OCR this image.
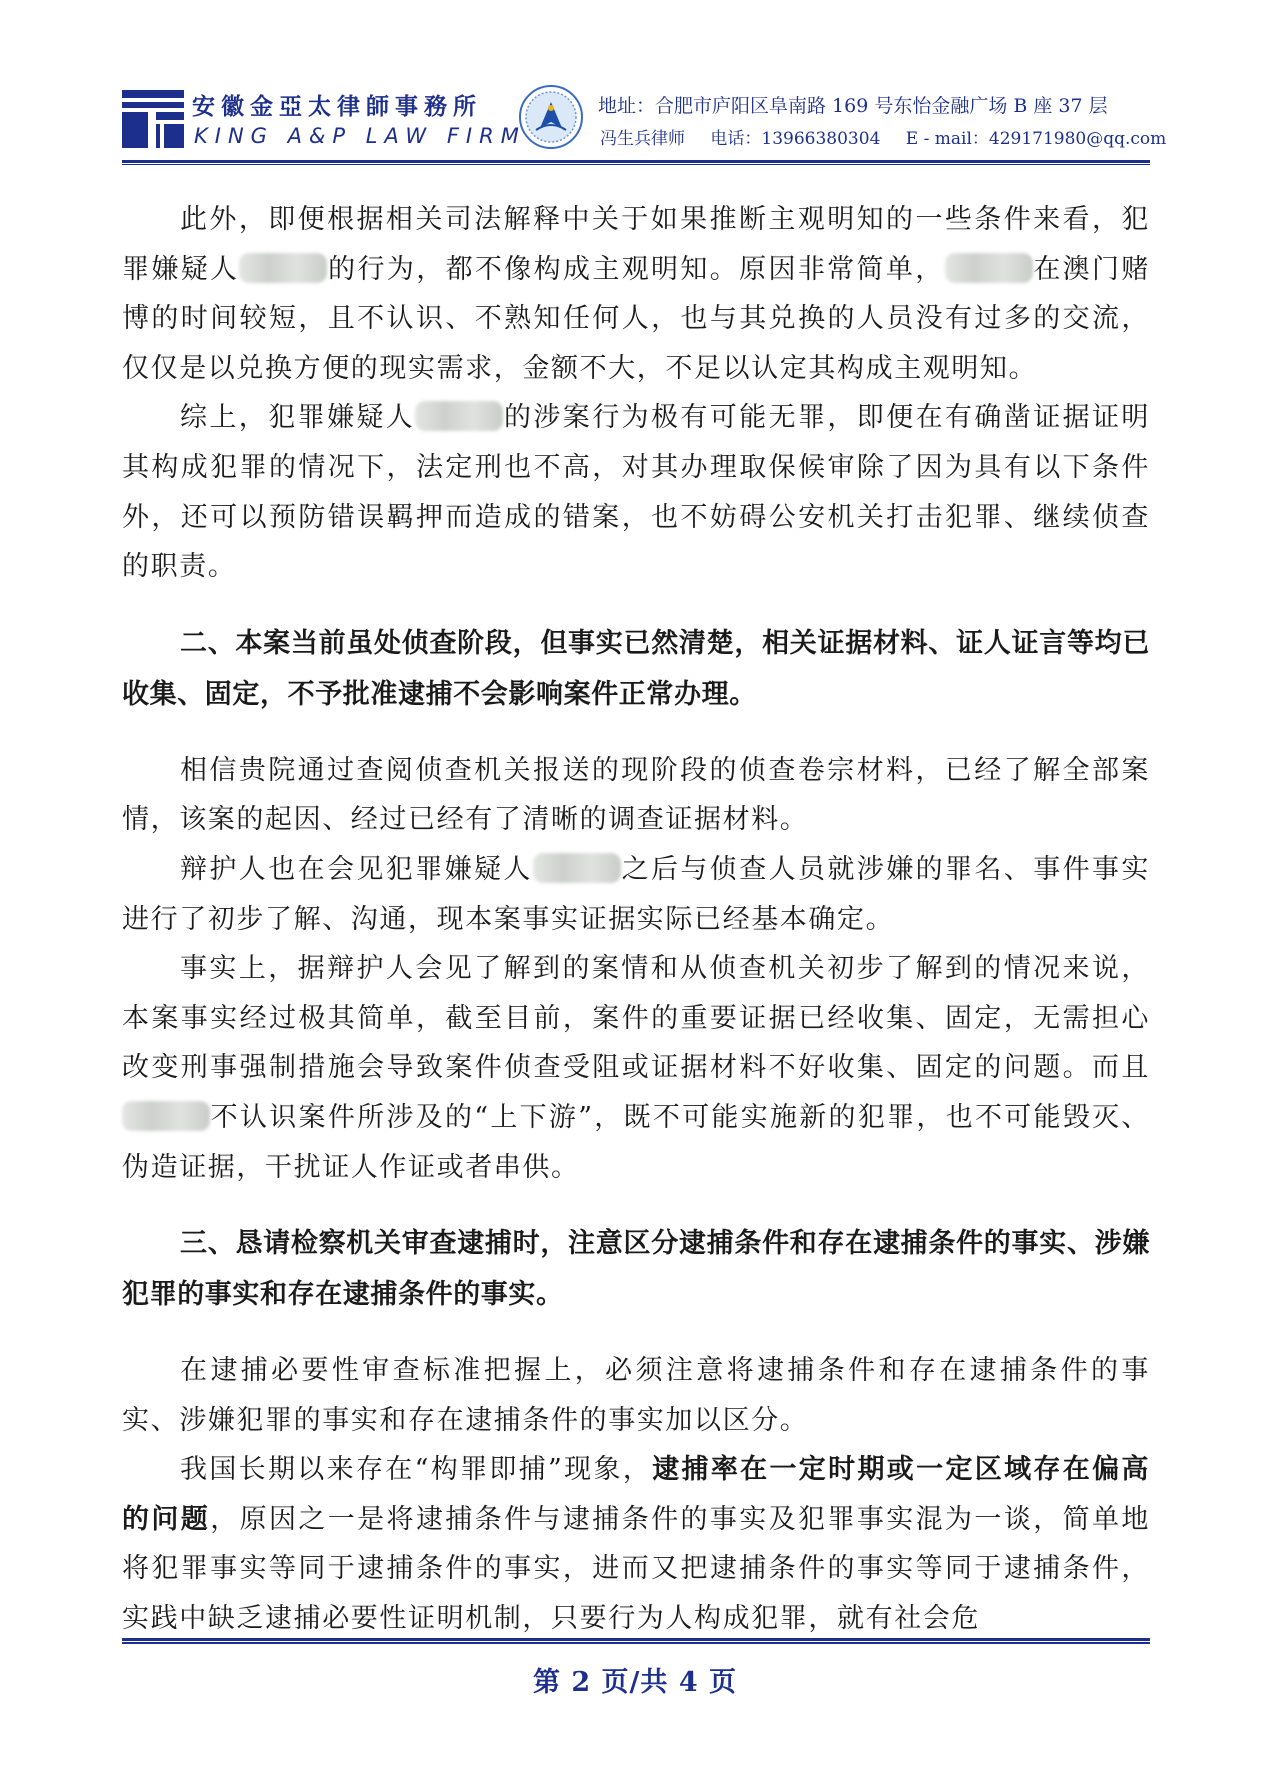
安徽金亞太律師事務所
KING A&P LAW FIRM
地址：合肥市庐阳区阜南路 169 号东怡金融广场 B 座 37 层
冯生兵律师 电话：13966380304 E - mail：429171980@qq.com

此外，即便根据相关司法解释中关于如果推断主观明知的一些条件来看，犯罪嫌疑人	的行为，都不像构成主观明知。原因非常简单，	在澳门赌博的时间较短，且不认识、不熟知任何人，也与其兑换的人员没有过多的交流，仅仅是以兑换方便的现实需求，金额不大，不足以认定其构成主观明知。

综上，犯罪嫌疑人	的涉案行为极有可能无罪，即便在有确凿证据证明其构成犯罪的情况下，法定刑也不高，对其办理取保候审除了因为具有以下条件外，还可以预防错误羁押而造成的错案，也不妨碍公安机关打击犯罪、继续侦查的职责。

二、本案当前虽处侦查阶段，但事实已然清楚，相关证据材料、证人证言等均已收集、固定，不予批准逮捕不会影响案件正常办理。

相信贵院通过查阅侦查机关报送的现阶段的侦查卷宗材料，已经了解全部案情，该案的起因、经过已经有了清晰的调查证据材料。

辩护人也在会见犯罪嫌疑人	之后与侦查人员就涉嫌的罪名、事件事实进行了初步了解、沟通，现本案事实证据实际已经基本确定。

事实上，据辩护人会见了解到的案情和从侦查机关初步了解到的情况来说，本案事实经过极其简单，截至目前，案件的重要证据已经收集、固定，无需担心改变刑事强制措施会导致案件侦查受阻或证据材料不好收集、固定的问题。而且不认识案件所涉及的“上下游”，既不可能实施新的犯罪，也不可能毁灭、伪造证据，干扰证人作证或者串供。

三、恳请检察机关审查逮捕时，注意区分逮捕条件和存在逮捕条件的事实、涉嫌犯罪的事实和存在逮捕条件的事实。

在逮捕必要性审查标准把握上，必须注意将逮捕条件和存在逮捕条件的事实、涉嫌犯罪的事实和存在逮捕条件的事实加以区分。

我国长期以来存在“构罪即捕”现象，逮捕率在一定时期或一定区域存在偏高的问题，原因之一是将逮捕条件与逮捕条件的事实及犯罪事实混为一谈，简单地将犯罪事实等同于逮捕条件的事实，进而又把逮捕条件的事实等同于逮捕条件，实践中缺乏逮捕必要性证明机制，只要行为人构成犯罪，就有社会危

第 2 页/共 4 页
